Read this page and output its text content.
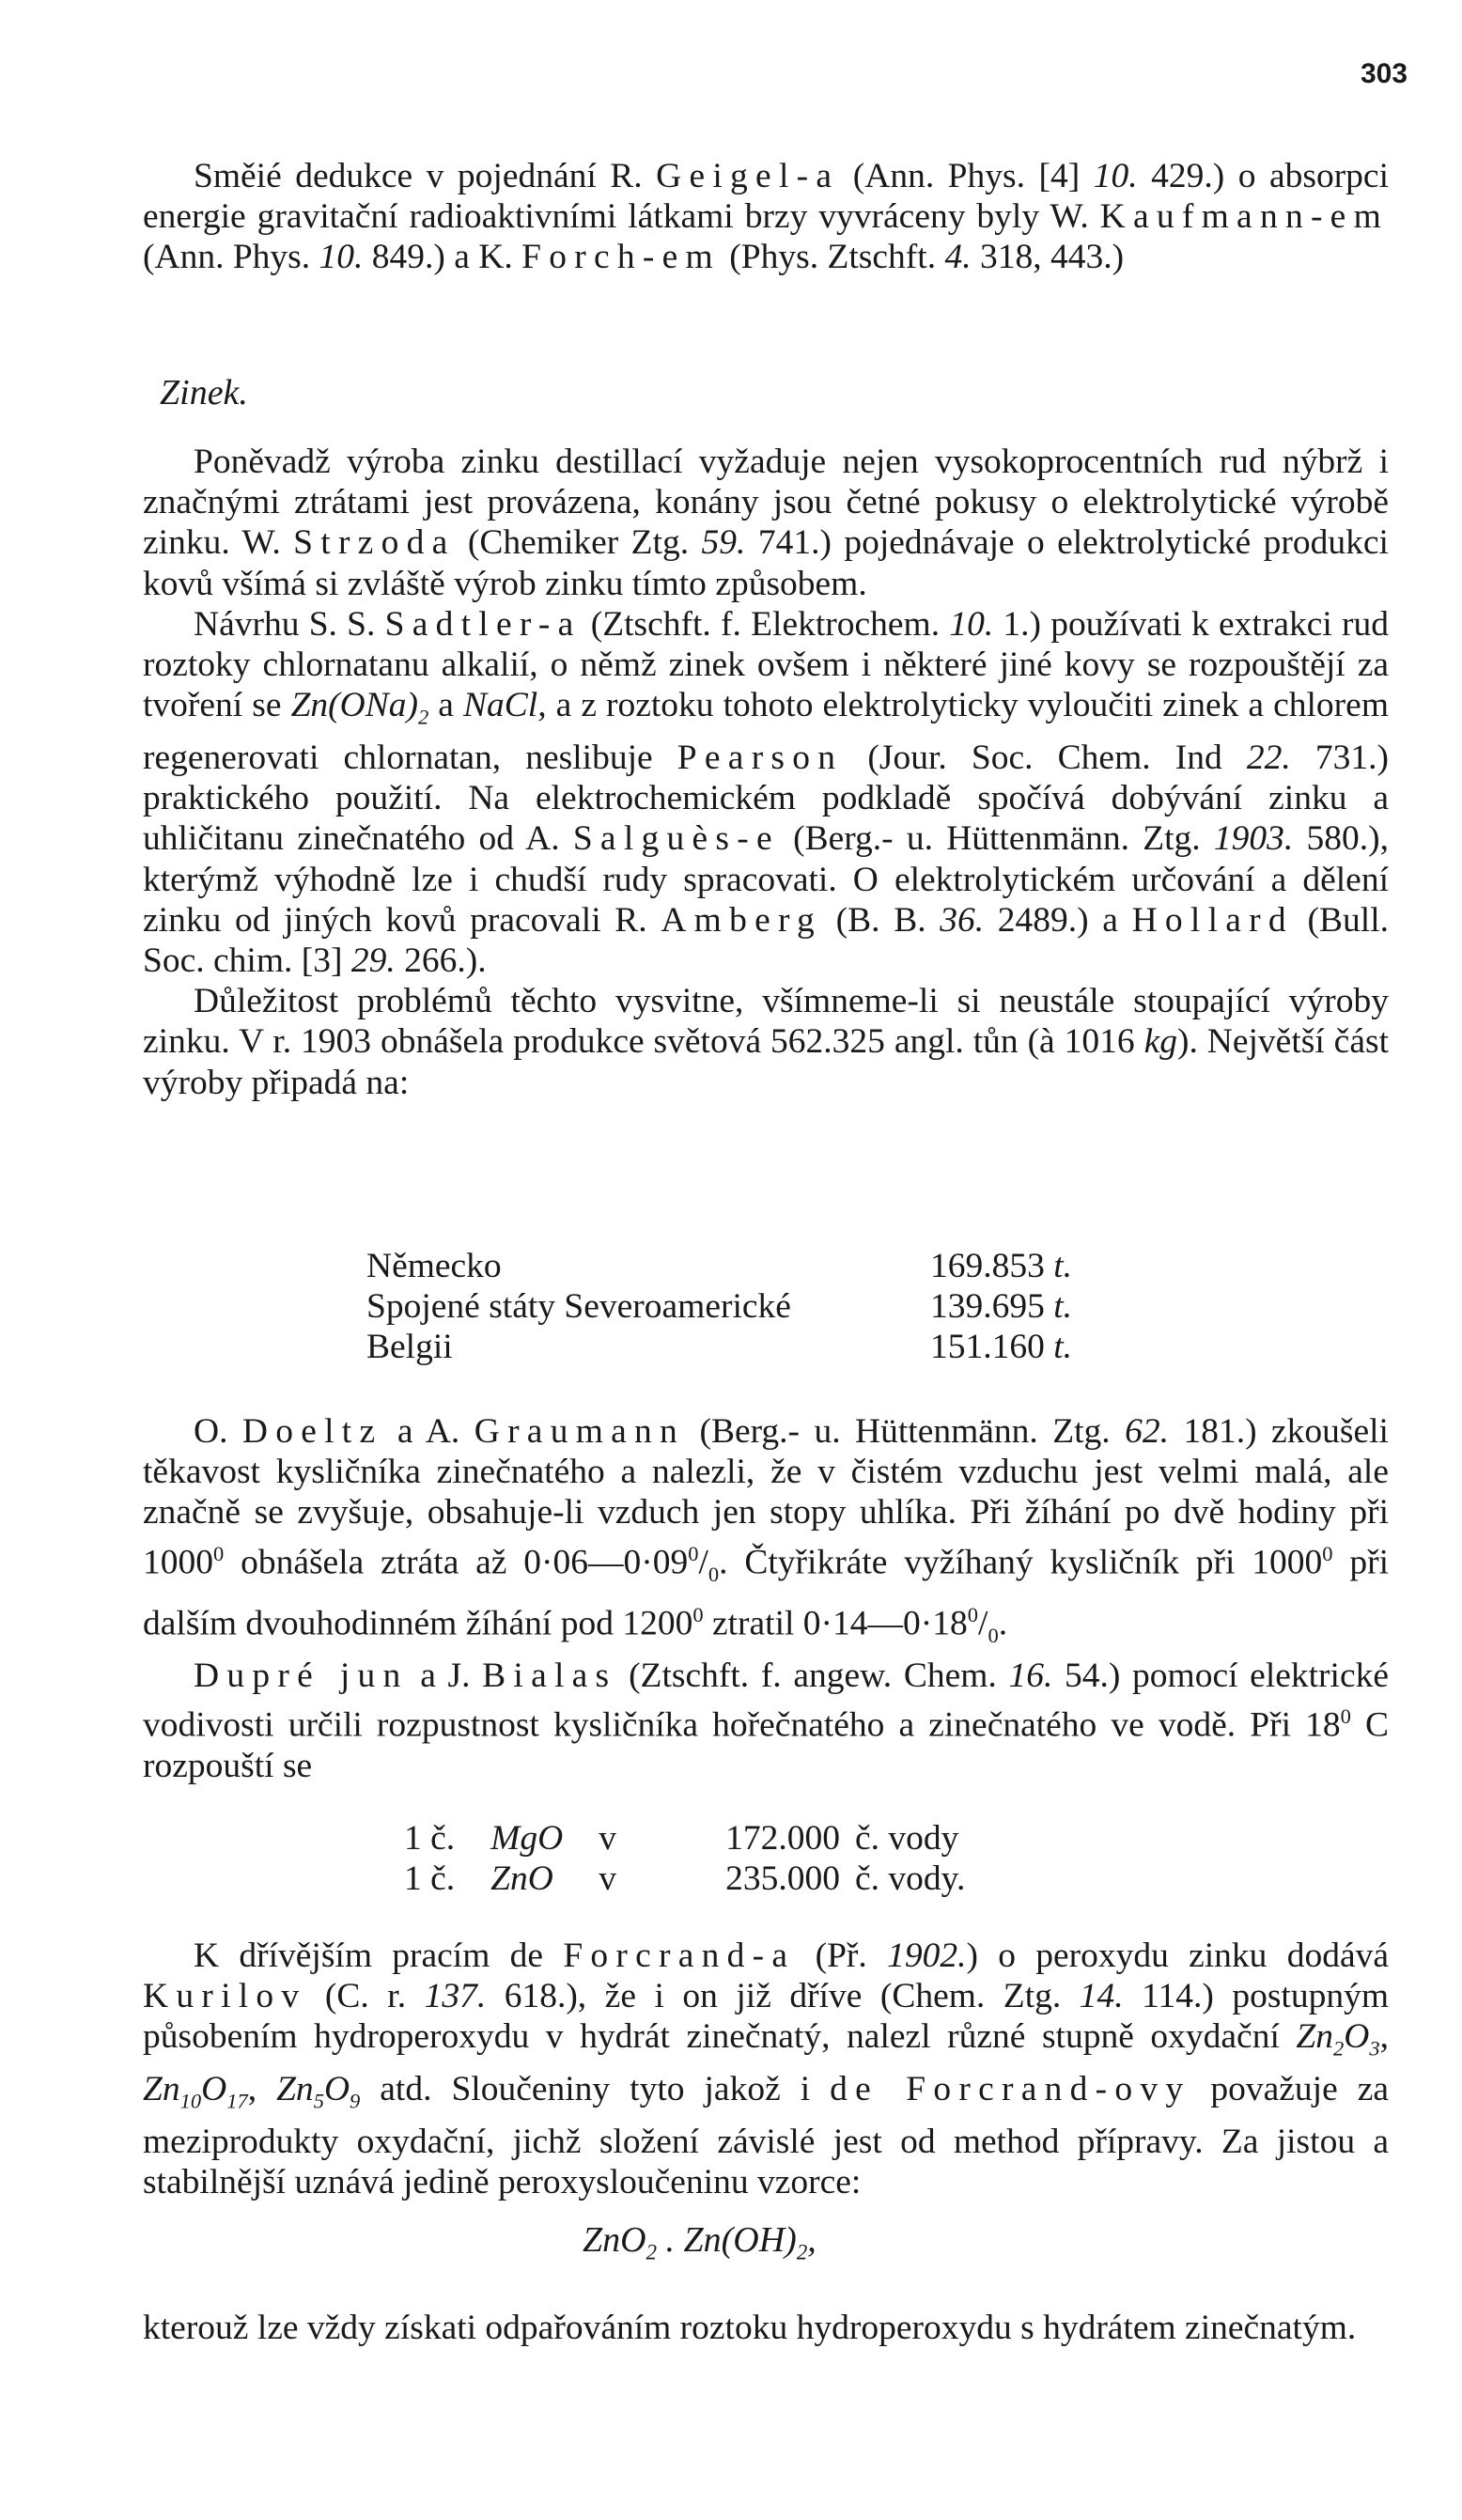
303

Směié dedukce v pojednání R. Geigel-a (Ann. Phys. [4] 10. 429.) o absorpci energie gravitační radioaktivními látkami brzy vyvráceny byly W. Kaufmann-em (Ann. Phys. 10. 849.) a K. Forch-em (Phys. Ztschft. 4. 318, 443.)

Zinek.

Poněvadž výroba zinku destillací vyžaduje nejen vysokoprocentních rud nýbrž i značnými ztrátami jest provázena, konány jsou četné pokusy o elektrolytické výrobě zinku. W. Strzoda (Chemiker Ztg. 59. 741.) pojednávaje o elektrolytické produkci kovů všímá si zvláště výrob zinku tímto způsobem.

Návrhu S. S. Sadtler-a (Ztschft. f. Elektrochem. 10. 1.) používati k extrakci rud roztoky chlornatanu alkalií, o němž zinek ovšem i některé jiné kovy se rozpouštějí za tvoření se $Zn(ONa)_2$ a NaCl, a z roztoku tohoto elektrolyticky vyloučiti zinek a chlorem regenerovati chlornatan, neslibuje Pearson (Jour. Soc. Chem. Ind 22. 731.) praktického použití. Na elektrochemickém podkladě spočívá dobývání zinku a uhličitanu zinečnatého od A. Salguès-e (Berg.- u. Hüttenmänn. Ztg. 1903. 580.), kterýmž výhodně lze i chudší rudy spracovati. O elektrolytickém určování a dělení zinku od jiných kovů pracovali R. Amberg (B. B. 36. 2489.) a Hollard (Bull. Soc. chim. [3] 29. 266.).

Důležitost problémů těchto vysvitne, všímneme-li si neustále stoupající výroby zinku. V r. 1903 obnášela produkce světová 562.325 angl. tůn (à 1016 kg). Největší část výroby připadá na:

Německo	169.853 t.
Spojené státy Severoamerické	139.695 t.
Belgii	151.160 t.

O. Doeltz a A. Graumann (Berg.- u. Hüttenmänn. Ztg. 62. 181.) zkoušeli těkavost kysličníka zinečnatého a nalezli, že v čistém vzduchu jest velmi malá, ale značně se zvyšuje, obsahuje-li vzduch jen stopy uhlíka. Při žíhání po dvě hodiny při 1000$^0$ obnášela ztráta až $0\cdot 06—0\cdot 09^0/_0$. Čtyřikráte vyžíhaný kysličník při 1000$^0$ při dalším dvouhodinném žíhání pod 1200$^0$ ztratil $0\cdot 14—0\cdot 18^0/_0$.

Dupré jun a J. Bialas (Ztschft. f. angew. Chem. 16. 54.) pomocí elektrické vodivosti určili rozpustnost kysličníka hořečnatého a zinečnatého ve vodě. Při $18^0$ C rozpouští se

1 č.	MgO	v	172.000	č. vody
1 č.	ZnO	v	235.000	č. vody.

K dřívějším pracím de Forcrand-a (Př. 1902.) o peroxydu zinku dodává Kurilov (C. r. 137. 618.), že i on již dříve (Chem. Ztg. 14. 114.) postupným působením hydroperoxydu v hydrát zinečnatý, nalezl různé stupně oxydační $Zn_2O_3$, $Zn_{10}O_{17}$, $Zn_5O_9$ atd. Sloučeniny tyto jakož i de Forcrand-ovy považuje za meziprodukty oxydační, jichž složení závislé jest od method přípravy. Za jistou a stabilnější uznává jedině peroxysloučeninu vzorce:

ZnO$_2$ . $Zn(OH)_2$,

kterouž lze vždy získati odpařováním roztoku hydroperoxydu s hydrátem zinečnatým.
